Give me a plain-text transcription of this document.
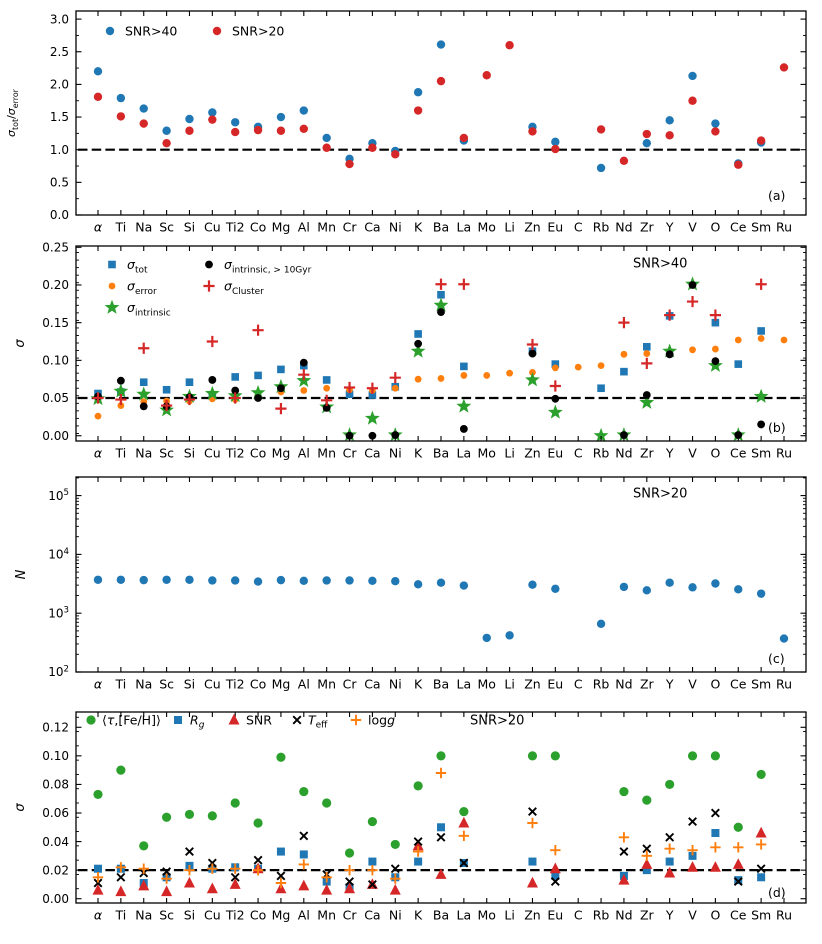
α Ti Na Sc Si Cu Ti2 Co Mg Al Mn Cr Ca Ni K Ba La Mo Li Zn Eu C Rb Nd Zr Y V O Ce Sm Ru
0.0
0.5
1.0
1.5
2.0
2.5
3.0
$\sigma_{tot}/\sigma_{error}$
SNR>40	SNR>20
(a)
α Ti Na Sc Si Cu Ti2 Co Mg Al Mn Cr Ca Ni K Ba La Mo Li Zn Eu C Rb Nd Zr Y V O Ce Sm Ru
0.00
0.05
0.10
0.15
0.20
0.25
σ
$\sigma_{tot}$	$\sigma_{intrinsic, > 10Gyr}$
$\sigma_{error}$	$\sigma_{Cluster}$
$\sigma_{intrinsic}$
SNR>40
(b)
α Ti Na Sc Si Cu Ti2 Co Mg Al Mn Cr Ca Ni K Ba La Mo Li Zn Eu C Rb Nd Zr Y V O Ce Sm Ru
$10^2$
$10^3$
$10^4$
$10^5$
N
SNR>20
(c)
α Ti Na Sc Si Cu Ti2 Co Mg Al Mn Cr Ca Ni K Ba La Mo Li Zn Eu C Rb Nd Zr Y V O Ce Sm Ru
0.00
0.02
0.04
0.06
0.08
0.10
0.12
σ
⟨τ,[Fe/H]⟩ $R_g$	SNR	$T_{eff}$	logg	SNR>20
(d)
